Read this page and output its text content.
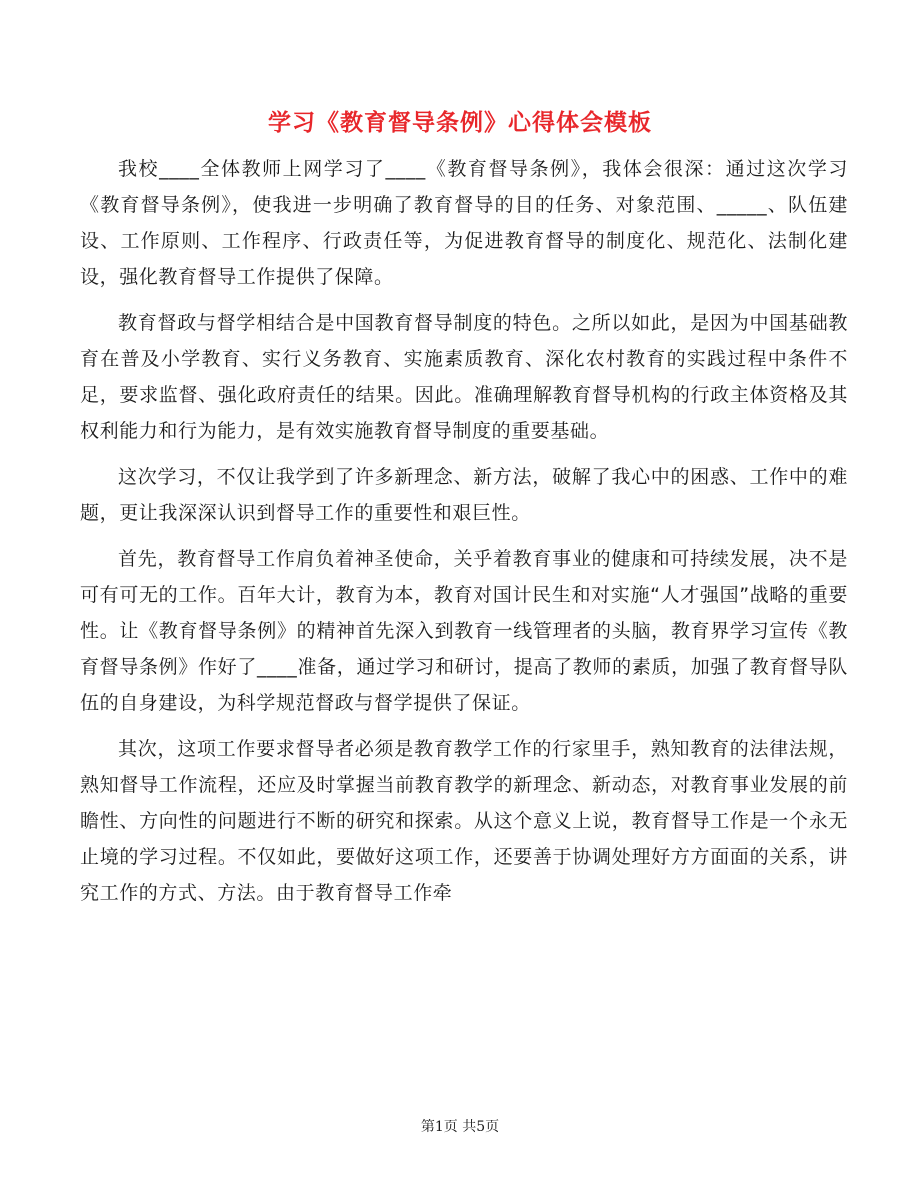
学习《教育督导条例》心得体会模板

我校____全体教师上网学习了____《教育督导条例》，我体会很深：通过这次学习《教育督导条例》，使我进一步明确了教育督导的目的任务、对象范围、_____、队伍建设、工作原则、工作程序、行政责任等，为促进教育督导的制度化、规范化、法制化建设，强化教育督导工作提供了保障。

教育督政与督学相结合是中国教育督导制度的特色。之所以如此，是因为中国基础教育在普及小学教育、实行义务教育、实施素质教育、深化农村教育的实践过程中条件不足，要求监督、强化政府责任的结果。因此。准确理解教育督导机构的行政主体资格及其权利能力和行为能力，是有效实施教育督导制度的重要基础。

这次学习，不仅让我学到了许多新理念、新方法，破解了我心中的困惑、工作中的难题，更让我深深认识到督导工作的重要性和艰巨性。

首先，教育督导工作肩负着神圣使命，关乎着教育事业的健康和可持续发展，决不是可有可无的工作。百年大计，教育为本，教育对国计民生和对实施“人才强国”战略的重要性。让《教育督导条例》的精神首先深入到教育一线管理者的头脑，教育界学习宣传《教育督导条例》作好了____准备，通过学习和研讨，提高了教师的素质，加强了教育督导队伍的自身建设，为科学规范督政与督学提供了保证。

其次，这项工作要求督导者必须是教育教学工作的行家里手，熟知教育的法律法规，熟知督导工作流程，还应及时掌握当前教育教学的新理念、新动态，对教育事业发展的前瞻性、方向性的问题进行不断的研究和探索。从这个意义上说，教育督导工作是一个永无止境的学习过程。不仅如此，要做好这项工作，还要善于协调处理好方方面面的关系，讲究工作的方式、方法。由于教育督导工作牵

第1页 共5页
